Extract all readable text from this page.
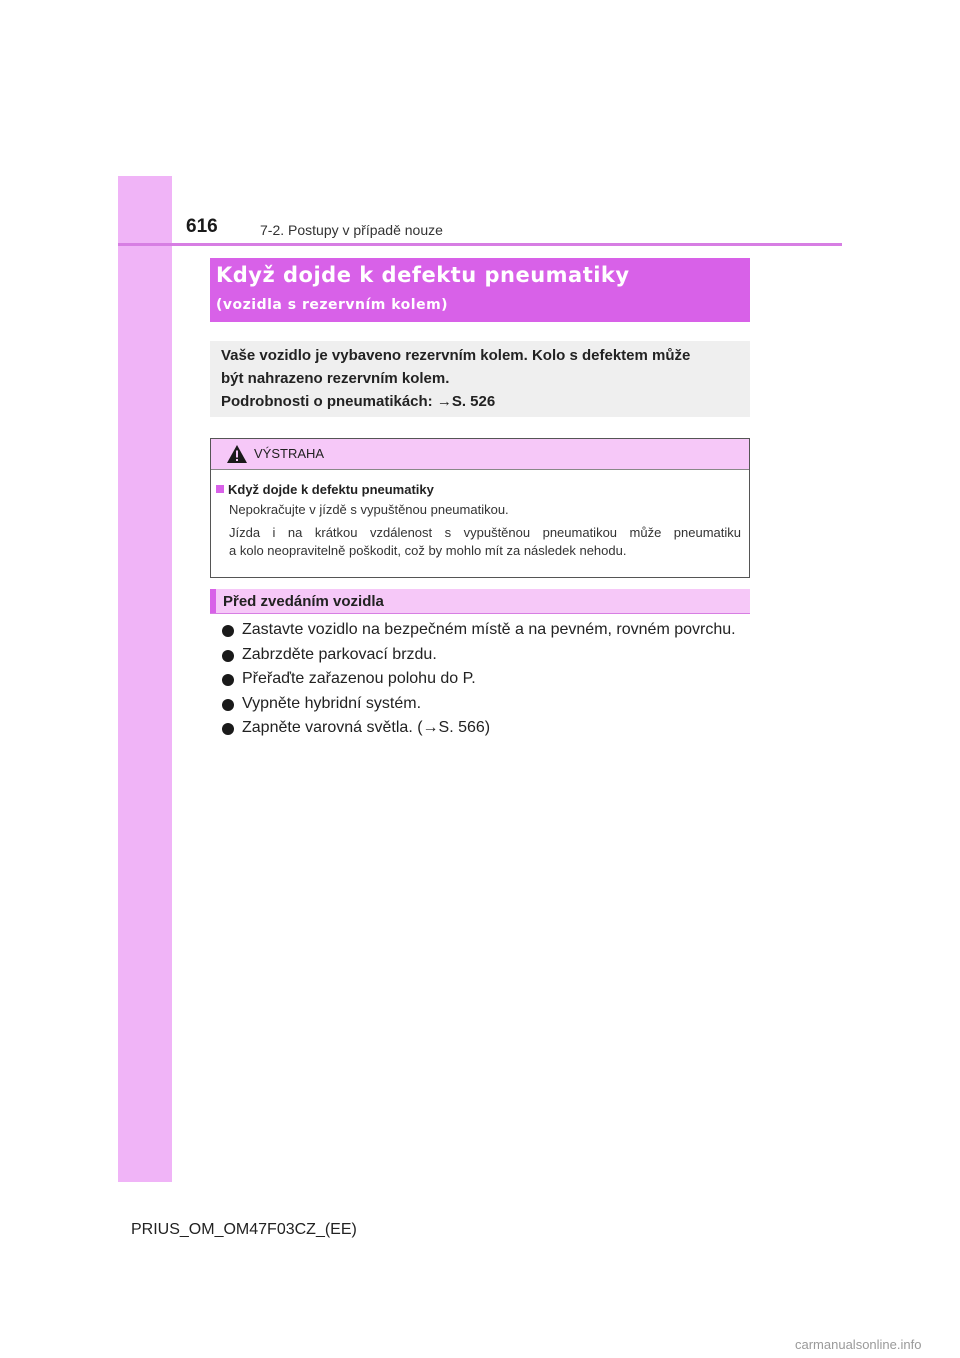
616	7-2. Postupy v případě nouze
Když dojde k defektu pneumatiky
(vozidla s rezervním kolem)

Vaše vozidlo je vybaveno rezervním kolem. Kolo s defektem může

být nahrazeno rezervním kolem.

Podrobnosti o pneumatikách: →S. 526

VÝSTRAHA
Když dojde k defektu pneumatiky
Nepokračujte v jízdě s vypuštěnou pneumatikou.
Jízda i na krátkou vzdálenost s vypuštěnou pneumatikou může pneumatiku
a kolo neopravitelně poškodit, což by mohlo mít za následek nehodu.
Před zvedáním vozidla
Zastavte vozidlo na bezpečném místě a na pevném, rovném povrchu.
Zabrzděte parkovací brzdu.
Přeřaďte zařazenou polohu do P.
Vypněte hybridní systém.
Zapněte varovná světla. (→S. 566)
PRIUS_OM_OM47F03CZ_(EE)
carmanualsonline.info
